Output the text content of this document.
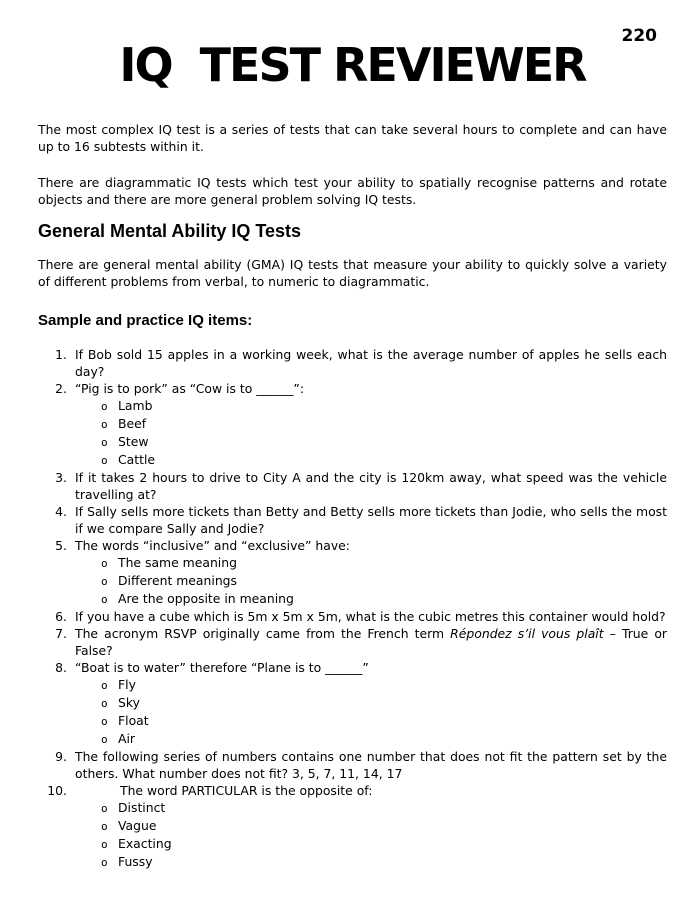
220
IQ  TEST REVIEWER
The most complex IQ test is a series of tests that can take several hours to complete and can have up to 16 subtests within it.
There are diagrammatic IQ tests which test your ability to spatially recognise patterns and rotate objects and there are more general problem solving IQ tests.
General Mental Ability IQ Tests
There are general mental ability (GMA) IQ tests that measure your ability to quickly solve a variety of different problems from verbal, to numeric to diagrammatic.
Sample and practice IQ items:
1. If Bob sold 15 apples in a working week, what is the average number of apples he sells each day?
2. “Pig is to pork” as “Cow is to ______”:
o Lamb
o Beef
o Stew
o Cattle
3. If it takes 2 hours to drive to City A and the city is 120km away, what speed was the vehicle travelling at?
4. If Sally sells more tickets than Betty and Betty sells more tickets than Jodie, who sells the most if we compare Sally and Jodie?
5. The words “inclusive” and “exclusive” have:
o The same meaning
o Different meanings
o Are the opposite in meaning
6. If you have a cube which is 5m x 5m x 5m, what is the cubic metres this container would hold?
7. The acronym RSVP originally came from the French term Répondez s’il vous plaît – True or False?
8. “Boat is to water” therefore “Plane is to ______”
o Fly
o Sky
o Float
o Air
9. The following series of numbers contains one number that does not fit the pattern set by the others. What number does not fit? 3, 5, 7, 11, 14, 17
10.	The word PARTICULAR is the opposite of:
o Distinct
o Vague
o Exacting
o Fussy
